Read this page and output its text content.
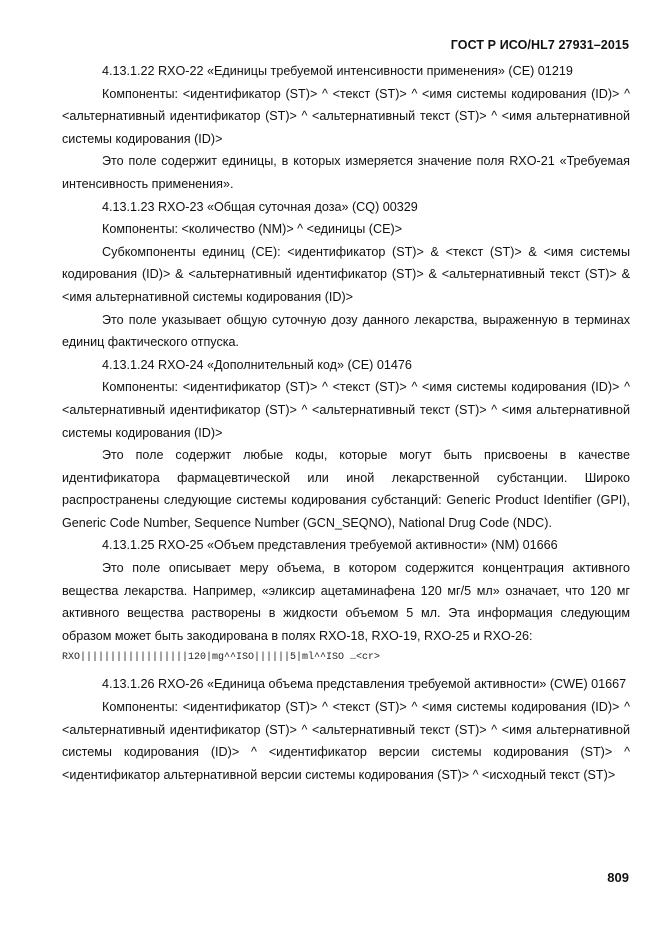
ГОСТ Р ИСО/HL7 27931–2015

4.13.1.22 RXO-22 «Единицы требуемой интенсивности применения» (CE) 01219

Компоненты: <идентификатор (ST)> ^ <текст (ST)> ^ <имя системы кодирования (ID)> ^ <альтернативный идентификатор (ST)> ^ <альтернативный текст (ST)> ^ <имя альтернативной системы кодирования (ID)>

Это поле содержит единицы, в которых измеряется значение поля RXO-21 «Требуемая интенсивность применения».

4.13.1.23 RXO-23 «Общая суточная доза» (CQ) 00329

Компоненты: <количество (NM)> ^ <единицы (CE)>

Субкомпоненты единиц (CE): <идентификатор (ST)> & <текст (ST)> & <имя системы кодирования (ID)> & <альтернативный идентификатор (ST)> & <альтернативный текст (ST)> & <имя альтернативной системы кодирования (ID)>

Это поле указывает общую суточную дозу данного лекарства, выраженную в терминах единиц фактического отпуска.

4.13.1.24 RXO-24 «Дополнительный код» (CE) 01476

Компоненты: <идентификатор (ST)> ^ <текст (ST)> ^ <имя системы кодирования (ID)> ^ <альтернативный идентификатор (ST)> ^ <альтернативный текст (ST)> ^ <имя альтернативной системы кодирования (ID)>

Это поле содержит любые коды, которые могут быть присвоены в качестве идентификатора фармацевтической или иной лекарственной субстанции. Широко распространены следующие системы кодирования субстанций: Generic Product Identifier (GPI), Generic Code Number, Sequence Number (GCN_SEQNO), National Drug Code (NDC).

4.13.1.25 RXO-25 «Объем представления требуемой активности» (NM) 01666

Это поле описывает меру объема, в котором содержится концентрация активного вещества лекарства. Например, «эликсир ацетаминафена 120 мг/5 мл» означает, что 120 мг активного вещества растворены в жидкости объемом 5 мл. Эта информация следующим образом может быть закодирована в полях RXO-18, RXO-19, RXO-25 и RXO-26:

RXO||||||||||||||||||120|mg^^ISO||||||5|ml^^ISO …<cr>

4.13.1.26 RXO-26 «Единица объема представления требуемой активности» (CWE) 01667

Компоненты: <идентификатор (ST)> ^ <текст (ST)> ^ <имя системы кодирования (ID)> ^ <альтернативный идентификатор (ST)> ^ <альтернативный текст (ST)> ^ <имя альтернативной системы кодирования (ID)> ^ <идентификатор версии системы кодирования (ST)> ^ <идентификатор альтернативной версии системы кодирования (ST)> ^ <исходный текст (ST)>

809
